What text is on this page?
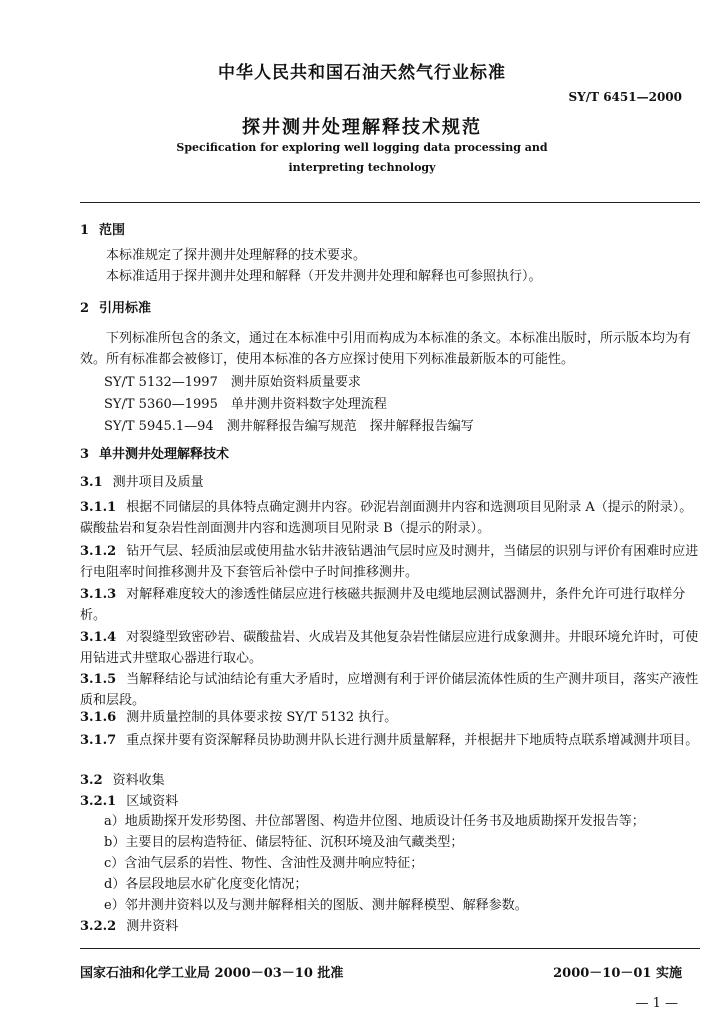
中华人民共和国石油天然气行业标准
SY/T 6451—2000
探井测井处理解释技术规范
Specification for exploring well logging data processing and
interpreting technology
1 范围
本标准规定了探井测井处理解释的技术要求。
本标准适用于探井测井处理和解释（开发井测井处理和解释也可参照执行）。
2 引用标准
下列标准所包含的条文，通过在本标准中引用而构成为本标准的条文。本标准出版时，所示版本均为有效。所有标准都会被修订，使用本标准的各方应探讨使用下列标准最新版本的可能性。
SY/T 5132—1997　测井原始资料质量要求
SY/T 5360—1995　单井测井资料数字处理流程
SY/T 5945.1—94　测井解释报告编写规范　探井解释报告编写
3 单井测井处理解释技术
3.1 测井项目及质量
3.1.1 根据不同储层的具体特点确定测井内容。砂泥岩剖面测井内容和选测项目见附录 A（提示的附录）。碳酸盐岩和复杂岩性剖面测井内容和选测项目见附录 B（提示的附录）。
3.1.2 钻开气层、轻质油层或使用盐水钻井液钻遇油气层时应及时测井，当储层的识别与评价有困难时应进行电阻率时间推移测井及下套管后补偿中子时间推移测井。
3.1.3 对解释难度较大的渗透性储层应进行核磁共振测井及电缆地层测试器测井，条件允许可进行取样分析。
3.1.4 对裂缝型致密砂岩、碳酸盐岩、火成岩及其他复杂岩性储层应进行成象测井。井眼环境允许时，可使用钻进式井壁取心器进行取心。
3.1.5 当解释结论与试油结论有重大矛盾时，应增测有利于评价储层流体性质的生产测井项目，落实产液性质和层段。
3.1.6 测井质量控制的具体要求按 SY/T 5132 执行。
3.1.7 重点探井要有资深解释员协助测井队长进行测井质量解释，并根据井下地质特点联系增减测井项目。
3.2 资料收集
3.2.1 区域资料
a）地质勘探开发形势图、井位部署图、构造井位图、地质设计任务书及地质勘探开发报告等；
b）主要目的层构造特征、储层特征、沉积环境及油气藏类型；
c）含油气层系的岩性、物性、含油性及测井响应特征；
d）各层段地层水矿化度变化情况；
e）邻井测井资料以及与测井解释相关的图版、测井解释模型、解释参数。
3.2.2 测井资料
国家石油和化学工业局 2000－03－10 批准	2000－10－01 实施
— 1 —
